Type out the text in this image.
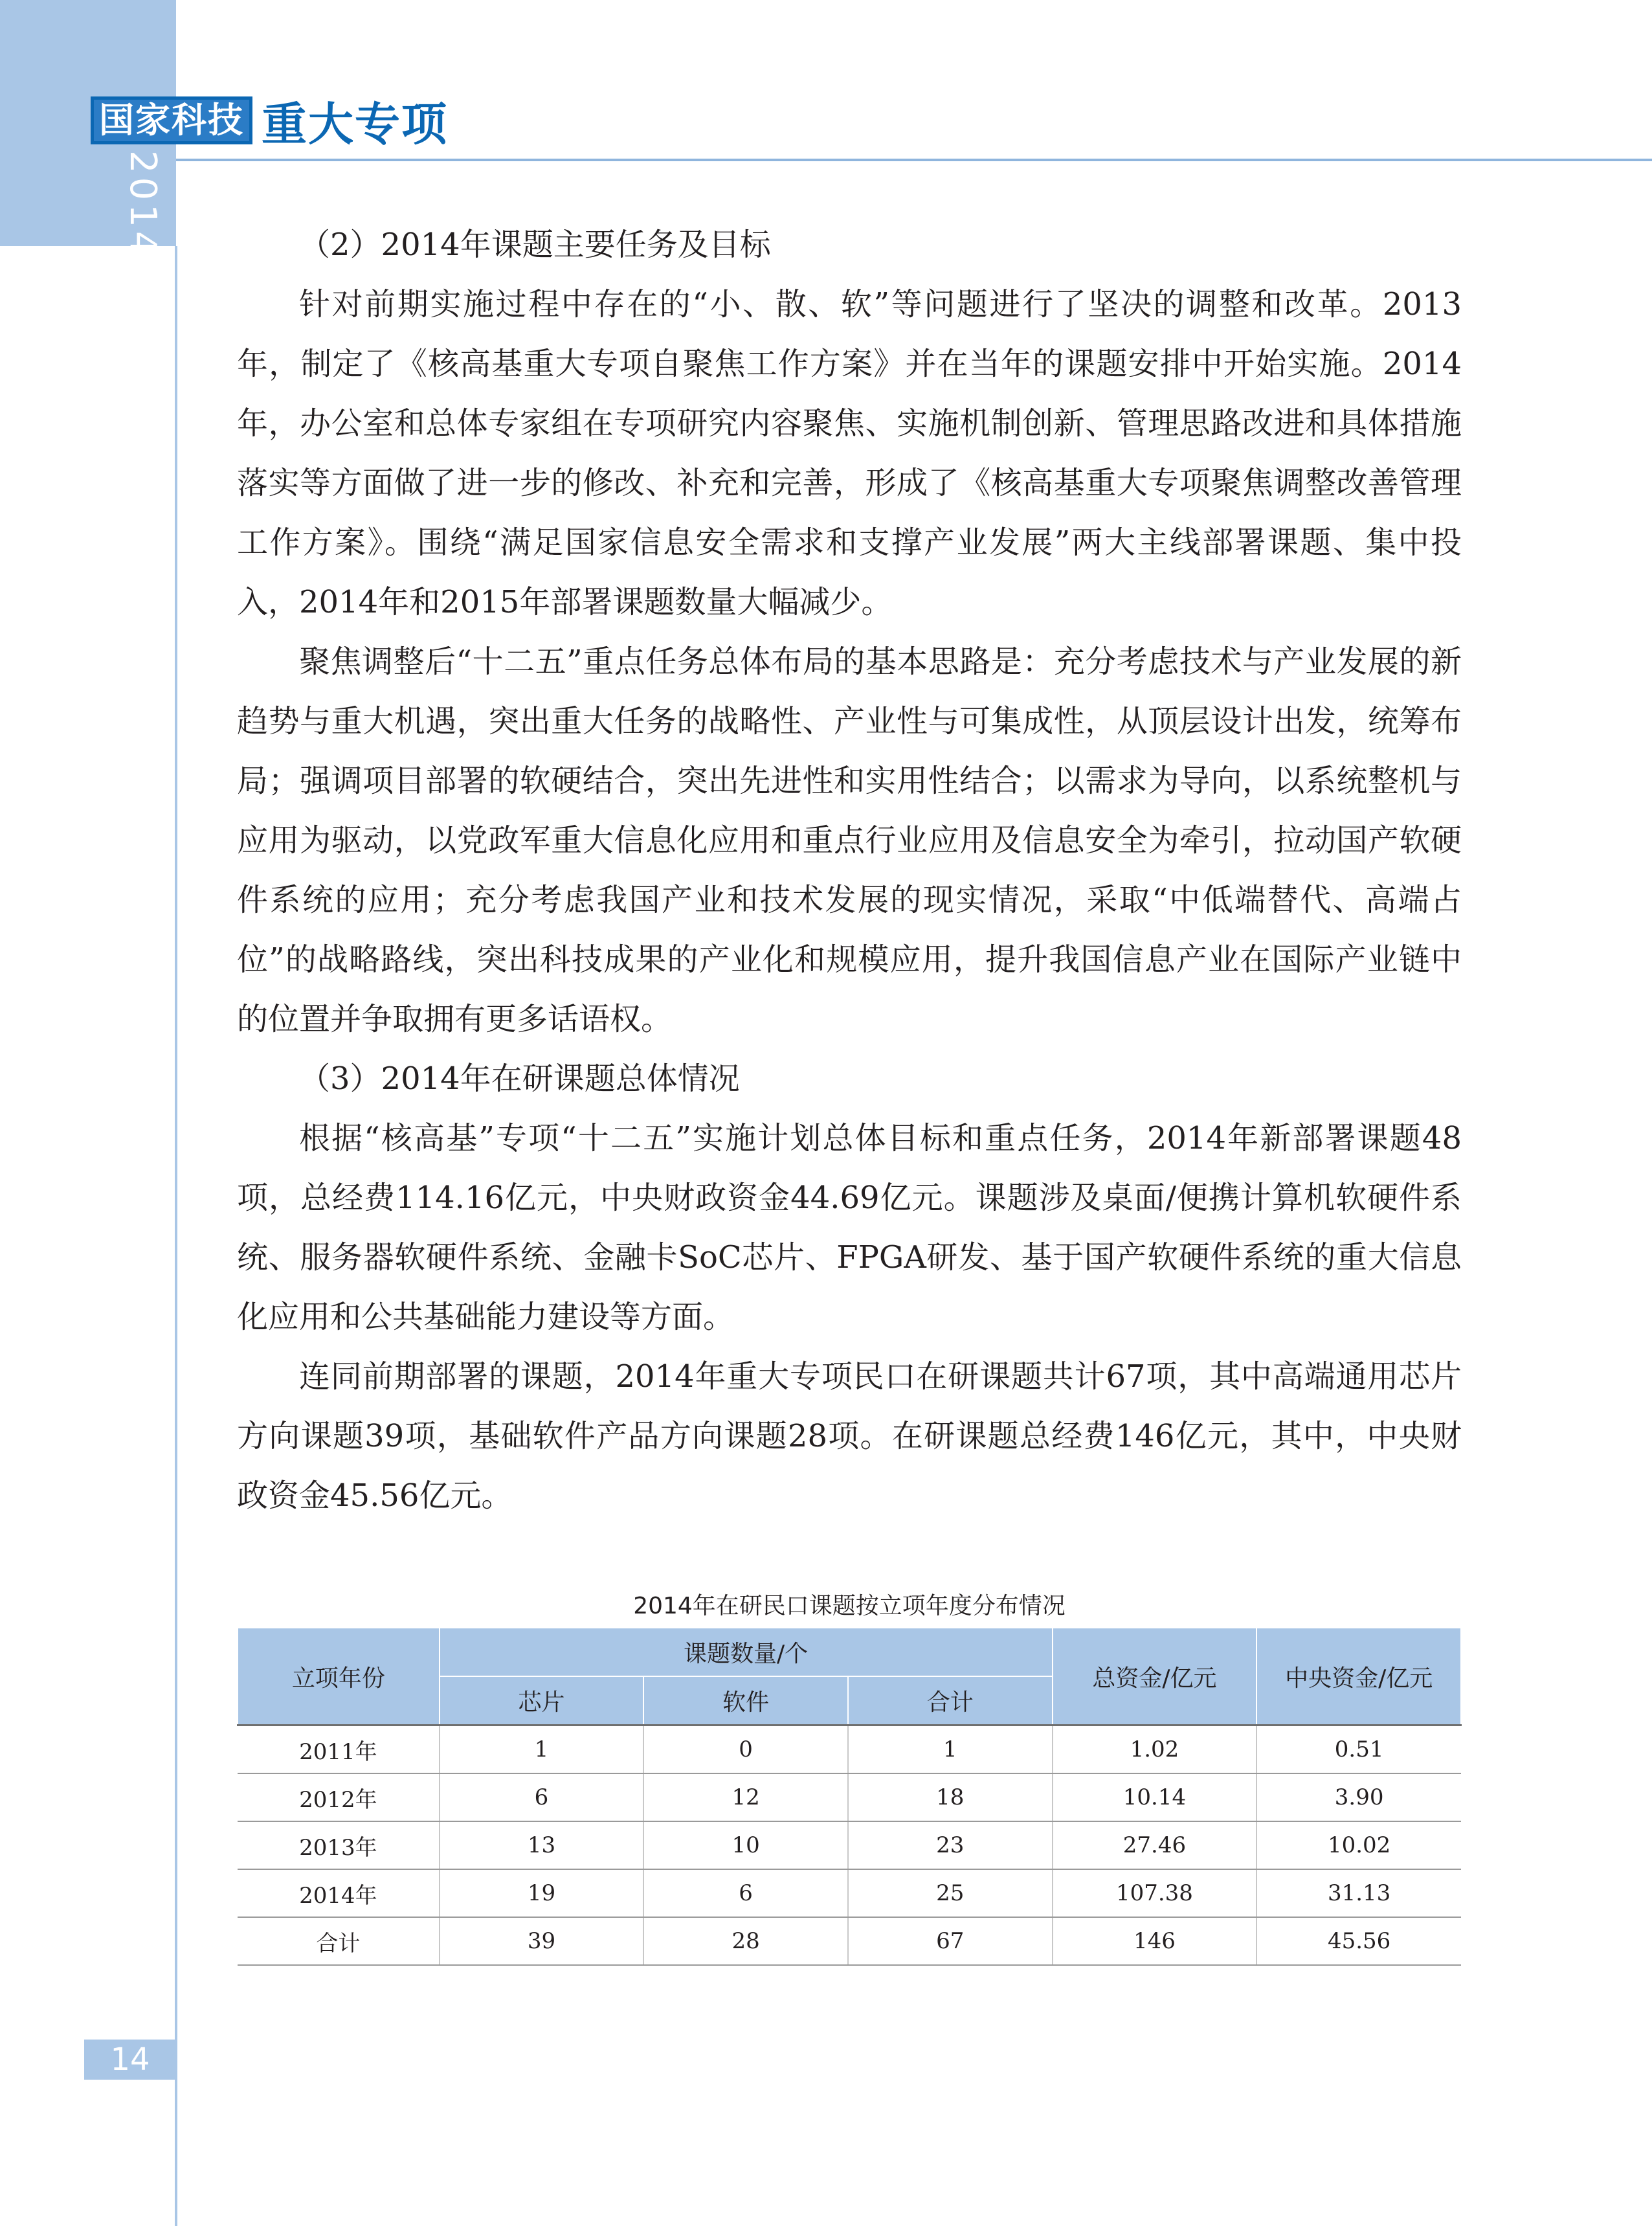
国家科技 重大专项
2014 年度报告	（2）2014年课题主要任务及目标

针对前期实施过程中存在的“小、散、软”等问题进行了坚决的调整和改革。2013年，制定了《核高基重大专项自聚焦工作方案》并在当年的课题安排中开始实施。2014年，办公室和总体专家组在专项研究内容聚焦、实施机制创新、管理思路改进和具体措施落实等方面做了进一步的修改、补充和完善，形成了《核高基重大专项聚焦调整改善管理工作方案》。围绕“满足国家信息安全需求和支撑产业发展”两大主线部署课题、集中投入，2014年和2015年部署课题数量大幅减少。

聚焦调整后“十二五”重点任务总体布局的基本思路是：充分考虑技术与产业发展的新趋势与重大机遇，突出重大任务的战略性、产业性与可集成性，从顶层设计出发，统筹布局；强调项目部署的软硬结合，突出先进性和实用性结合；以需求为导向，以系统整机与应用为驱动，以党政军重大信息化应用和重点行业应用及信息安全为牵引，拉动国产软硬件系统的应用；充分考虑我国产业和技术发展的现实情况，采取“中低端替代、高端占位”的战略路线，突出科技成果的产业化和规模应用，提升我国信息产业在国际产业链中的位置并争取拥有更多话语权。

（3）2014年在研课题总体情况

根据“核高基”专项“十二五”实施计划总体目标和重点任务，2014年新部署课题48项，总经费114.16亿元，中央财政资金44.69亿元。课题涉及桌面/便携计算机软硬件系统、服务器软硬件系统、金融卡SoC芯片、FPGA研发、基于国产软硬件系统的重大信息化应用和公共基础能力建设等方面。

连同前期部署的课题，2014年重大专项民口在研课题共计67项，其中高端通用芯片方向课题39项，基础软件产品方向课题28项。在研课题总经费146亿元，其中，中央财政资金45.56亿元。

2014年在研民口课题按立项年度分布情况
立项年份	课题数量/个			总资金/亿元	中央资金/亿元
	芯片	软件	合计		
2011年	1	0	1	1.02	0.51
2012年	6	12	18	10.14	3.90
2013年	13	10	23	27.46	10.02
2014年	19	6	25	107.38	31.13
合计	39	28	67	146	45.56
14
